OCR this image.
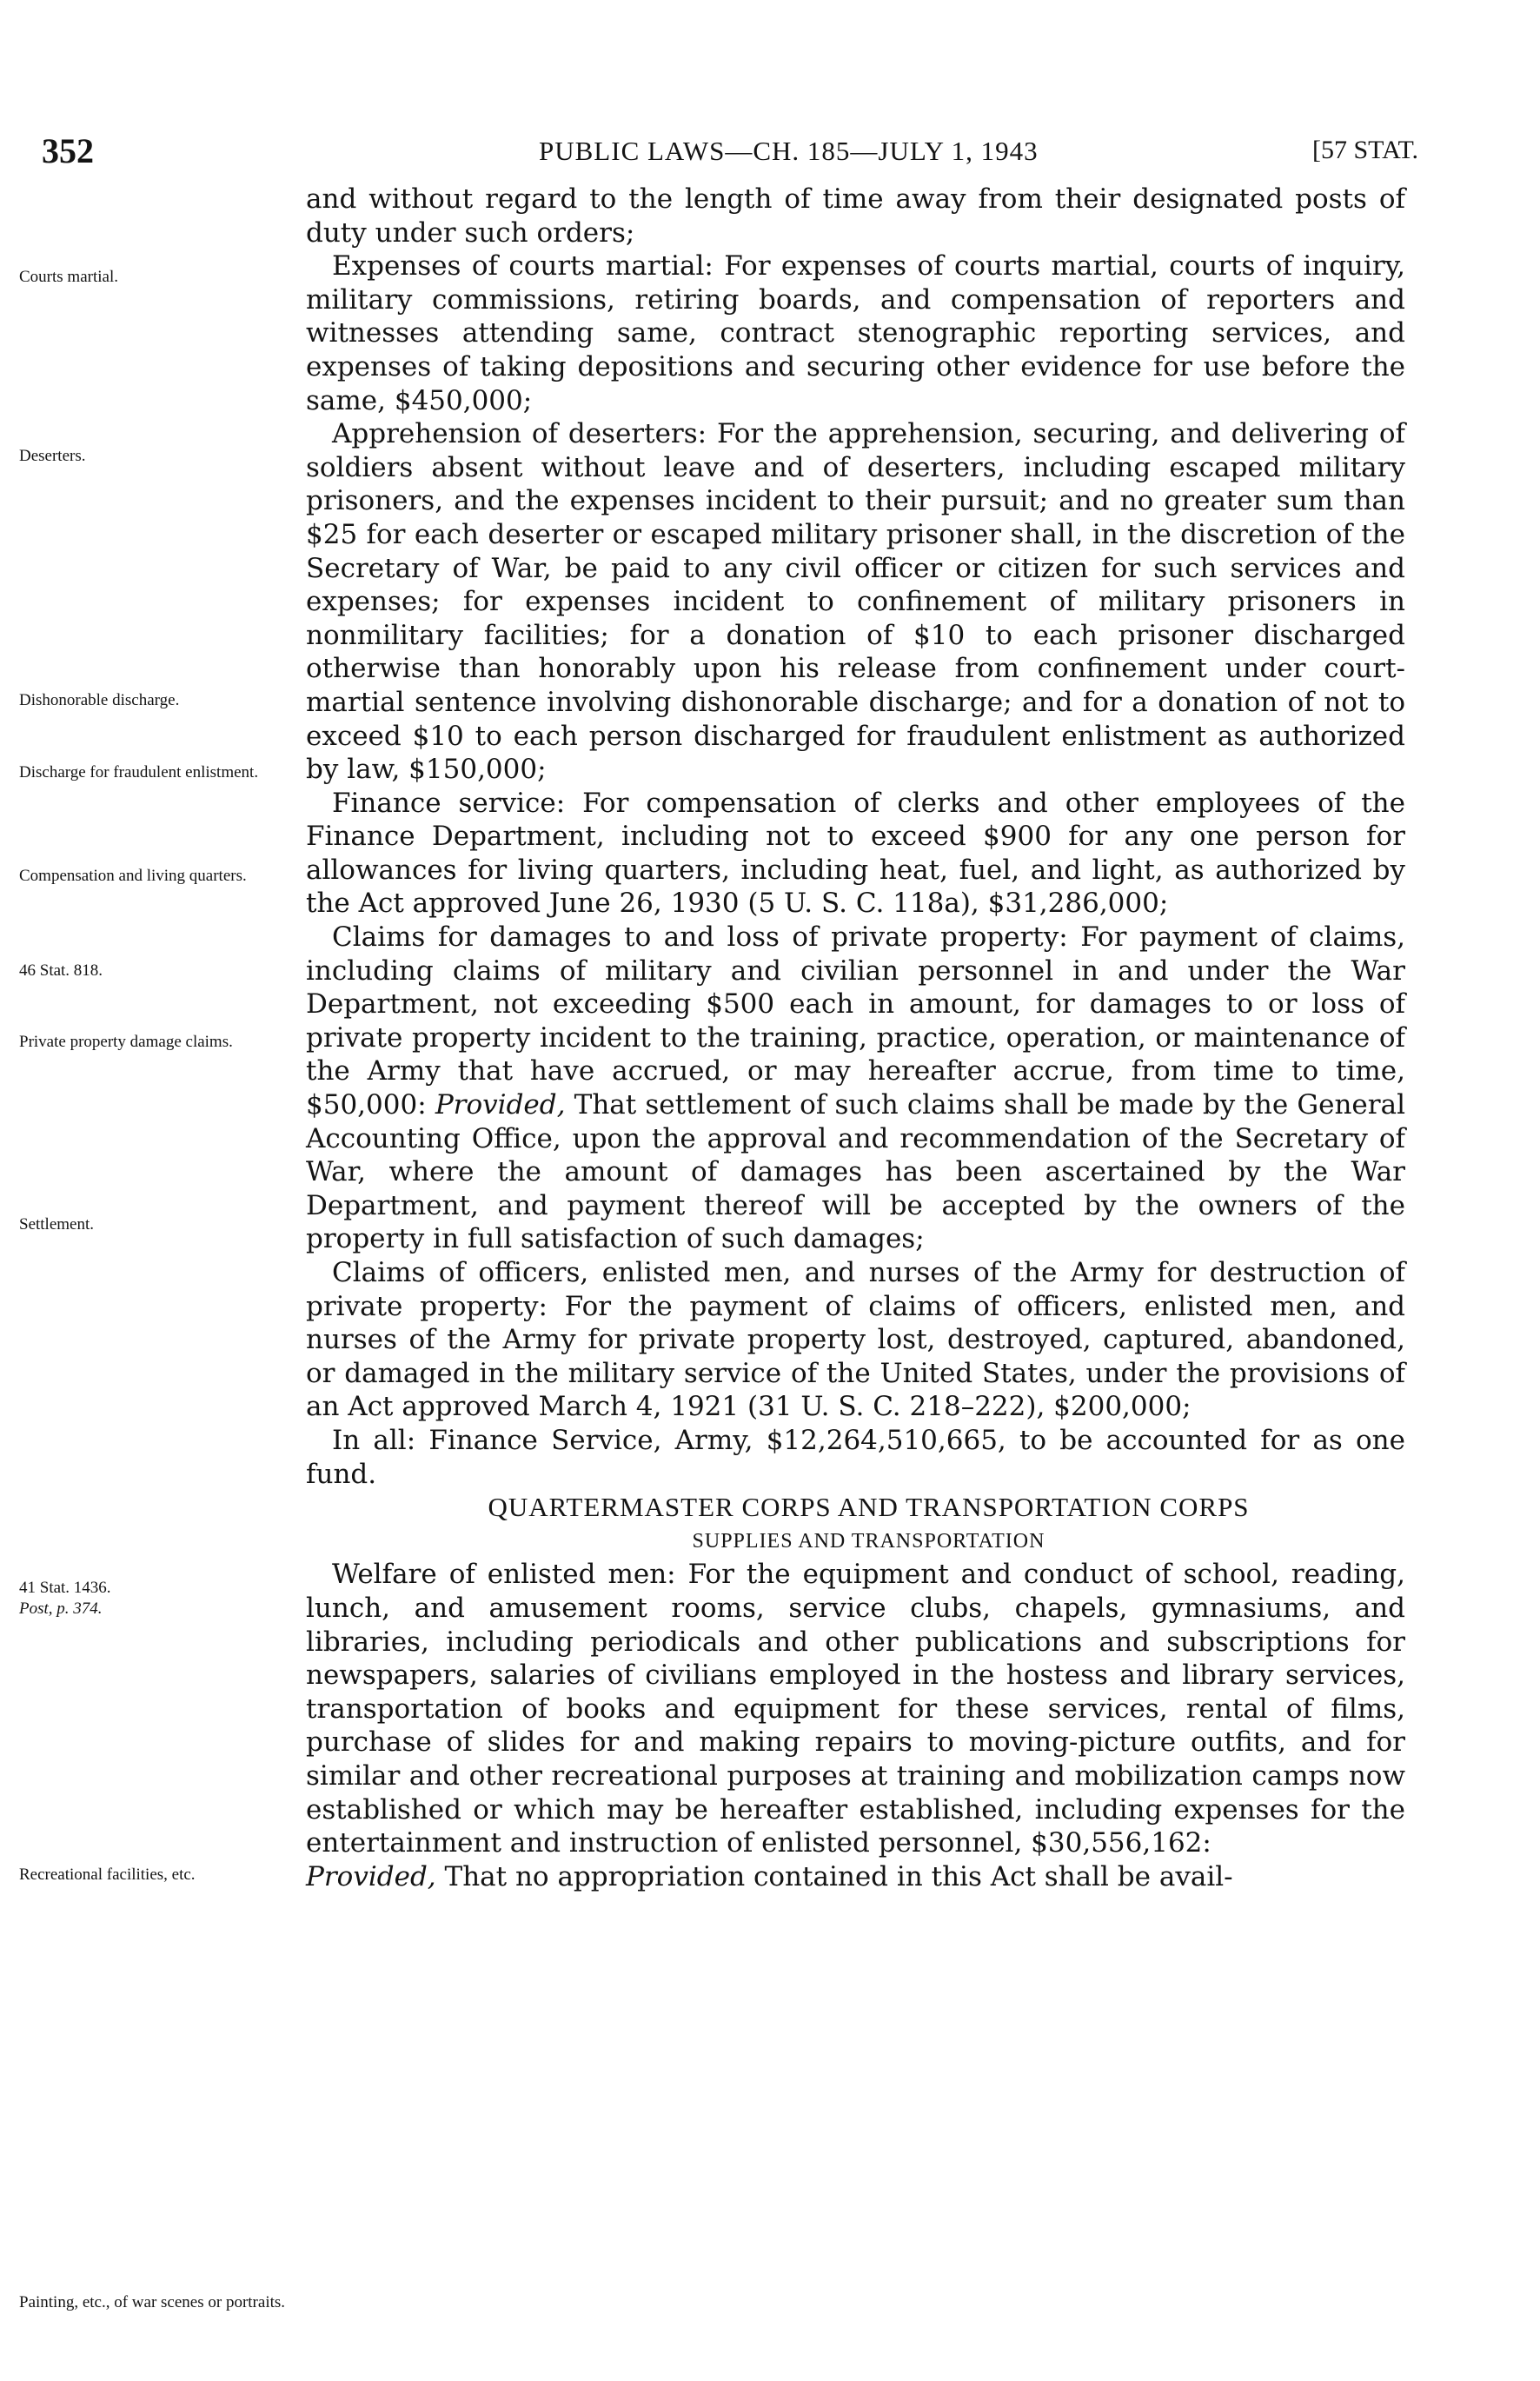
352	PUBLIC LAWS—CH. 185—JULY 1, 1943	[57 STAT.
Courts martial.
Deserters.
Dishonorable discharge.
Discharge for fraudulent enlistment.
Compensation and living quarters.
46 Stat. 818.
Private property damage claims.
Settlement.
41 Stat. 1436.
Post, p. 374.
Recreational facilities, etc.
Painting, etc., of war scenes or portraits.

and without regard to the length of time away from their designated posts of duty under such orders;

Expenses of courts martial: For expenses of courts martial, courts of inquiry, military commissions, retiring boards, and compensation of reporters and witnesses attending same, contract stenographic reporting services, and expenses of taking depositions and securing other evidence for use before the same, $450,000;

Apprehension of deserters: For the apprehension, securing, and delivering of soldiers absent without leave and of deserters, including escaped military prisoners, and the expenses incident to their pursuit; and no greater sum than $25 for each deserter or escaped military prisoner shall, in the discretion of the Secretary of War, be paid to any civil officer or citizen for such services and expenses; for expenses incident to confinement of military prisoners in nonmilitary facilities; for a donation of $10 to each prisoner discharged otherwise than honorably upon his release from confinement under court-martial sentence involving dishonorable discharge; and for a donation of not to exceed $10 to each person discharged for fraudulent enlistment as authorized by law, $150,000;

Finance service: For compensation of clerks and other employees of the Finance Department, including not to exceed $900 for any one person for allowances for living quarters, including heat, fuel, and light, as authorized by the Act approved June 26, 1930 (5 U. S. C. 118a), $31,286,000;

Claims for damages to and loss of private property: For payment of claims, including claims of military and civilian personnel in and under the War Department, not exceeding $500 each in amount, for damages to or loss of private property incident to the training, practice, operation, or maintenance of the Army that have accrued, or may hereafter accrue, from time to time, $50,000: Provided, That settlement of such claims shall be made by the General Accounting Office, upon the approval and recommendation of the Secretary of War, where the amount of damages has been ascertained by the War Department, and payment thereof will be accepted by the owners of the property in full satisfaction of such damages;

Claims of officers, enlisted men, and nurses of the Army for destruction of private property: For the payment of claims of officers, enlisted men, and nurses of the Army for private property lost, destroyed, captured, abandoned, or damaged in the military service of the United States, under the provisions of an Act approved March 4, 1921 (31 U. S. C. 218–222), $200,000;

In all: Finance Service, Army, $12,264,510,665, to be accounted for as one fund.

QUARTERMASTER CORPS AND TRANSPORTATION CORPS

SUPPLIES AND TRANSPORTATION

Welfare of enlisted men: For the equipment and conduct of school, reading, lunch, and amusement rooms, service clubs, chapels, gymnasiums, and libraries, including periodicals and other publications and subscriptions for newspapers, salaries of civilians employed in the hostess and library services, transportation of books and equipment for these services, rental of films, purchase of slides for and making repairs to moving-picture outfits, and for similar and other recreational purposes at training and mobilization camps now established or which may be hereafter established, including expenses for the entertainment and instruction of enlisted personnel, $30,556,162:

Provided, That no appropriation contained in this Act shall be avail-
